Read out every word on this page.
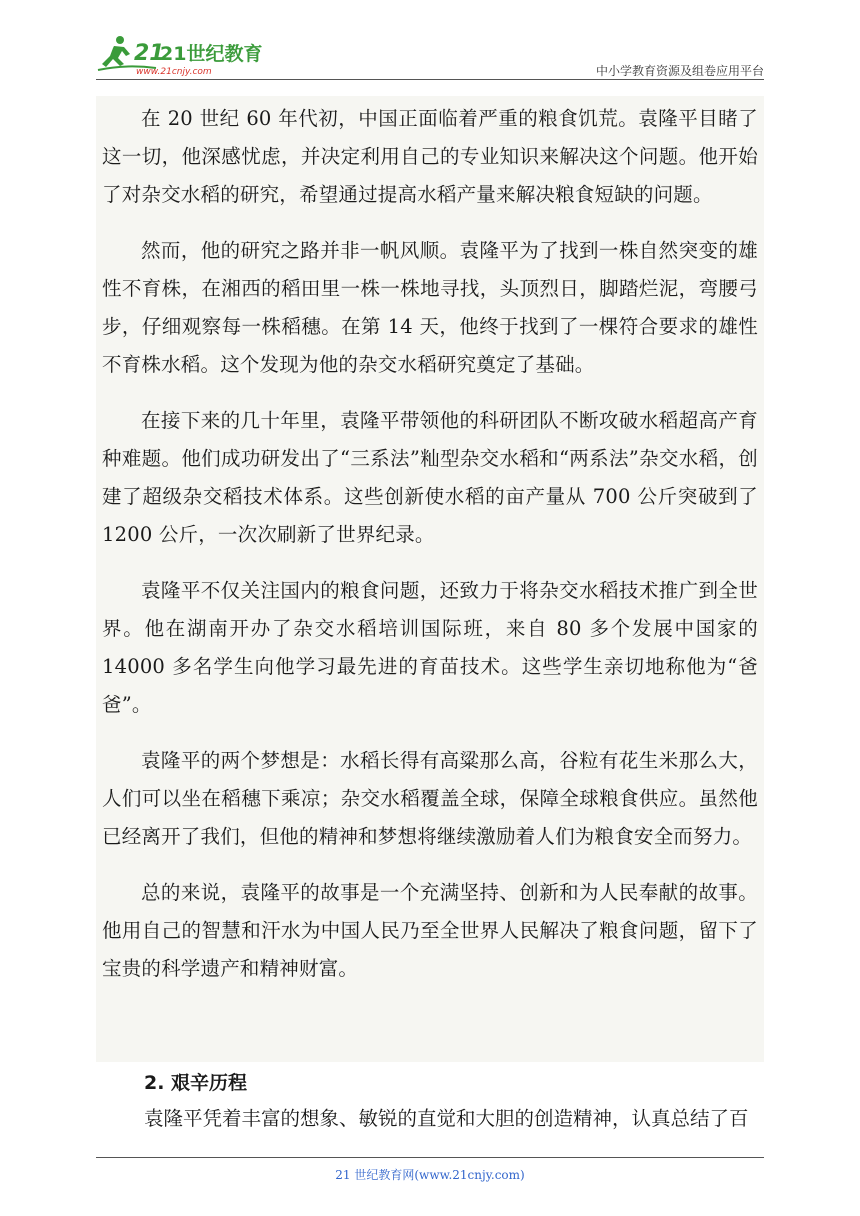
21
21世纪教育
www.21cnjy.com	中小学教育资源及组卷应用平台

在 20 世纪 60 年代初，中国正面临着严重的粮食饥荒。袁隆平目睹了这一切，他深感忧虑，并决定利用自己的专业知识来解决这个问题。他开始了对杂交水稻的研究，希望通过提高水稻产量来解决粮食短缺的问题。

然而，他的研究之路并非一帆风顺。袁隆平为了找到一株自然突变的雄性不育株，在湘西的稻田里一株一株地寻找，头顶烈日，脚踏烂泥，弯腰弓步，仔细观察每一株稻穗。在第 14 天，他终于找到了一棵符合要求的雄性不育株水稻。这个发现为他的杂交水稻研究奠定了基础。

在接下来的几十年里，袁隆平带领他的科研团队不断攻破水稻超高产育种难题。他们成功研发出了“三系法”籼型杂交水稻和“两系法”杂交水稻，创建了超级杂交稻技术体系。这些创新使水稻的亩产量从 700 公斤突破到了 1200 公斤，一次次刷新了世界纪录。

袁隆平不仅关注国内的粮食问题，还致力于将杂交水稻技术推广到全世界。他在湖南开办了杂交水稻培训国际班，来自 80 多个发展中国家的 14000 多名学生向他学习最先进的育苗技术。这些学生亲切地称他为“爸爸”。

袁隆平的两个梦想是：水稻长得有高粱那么高，谷粒有花生米那么大，人们可以坐在稻穗下乘凉；杂交水稻覆盖全球，保障全球粮食供应。虽然他已经离开了我们，但他的精神和梦想将继续激励着人们为粮食安全而努力。

总的来说，袁隆平的故事是一个充满坚持、创新和为人民奉献的故事。他用自己的智慧和汗水为中国人民乃至全世界人民解决了粮食问题，留下了宝贵的科学遗产和精神财富。

2. 艰辛历程

袁隆平凭着丰富的想象、敏锐的直觉和大胆的创造精神，认真总结了百

21 世纪教育网(www.21cnjy.com)
